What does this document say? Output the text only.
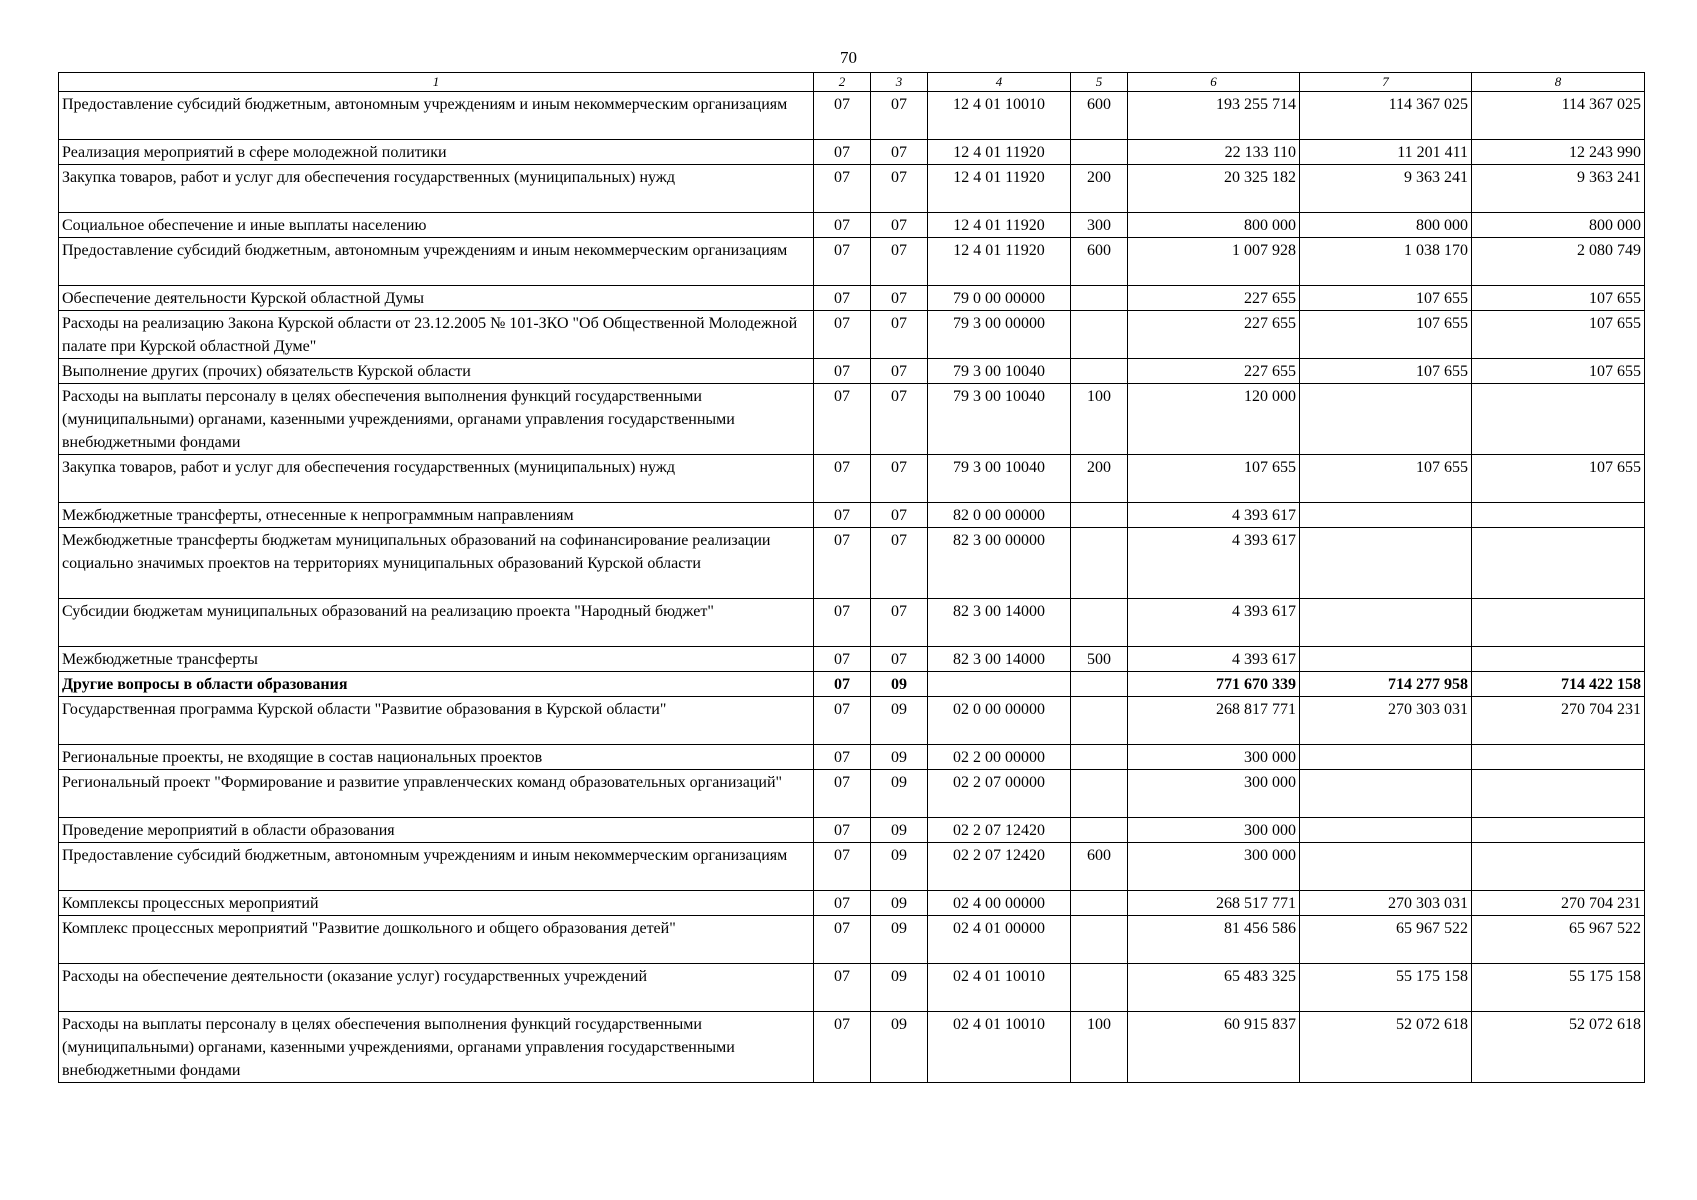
70
1	2	3	4	5	6	7	8
Предоставление субсидий бюджетным, автономным учреждениям и иным некоммерческим организациям	07	07	12 4 01 10010	600	193 255 714	114 367 025	114 367 025
Реализация мероприятий в сфере молодежной политики	07	07	12 4 01 11920		22 133 110	11 201 411	12 243 990
Закупка товаров, работ и услуг для обеспечения государственных (муниципальных) нужд	07	07	12 4 01 11920	200	20 325 182	9 363 241	9 363 241
Социальное обеспечение и иные выплаты населению	07	07	12 4 01 11920	300	800 000	800 000	800 000
Предоставление субсидий бюджетным, автономным учреждениям и иным некоммерческим организациям	07	07	12 4 01 11920	600	1 007 928	1 038 170	2 080 749
Обеспечение деятельности Курской областной Думы	07	07	79 0 00 00000		227 655	107 655	107 655
Расходы на реализацию Закона Курской области от 23.12.2005 № 101-ЗКО "Об Общественной Молодежной палате при Курской областной Думе"	07	07	79 3 00 00000		227 655	107 655	107 655
Выполнение других (прочих) обязательств Курской области	07	07	79 3 00 10040		227 655	107 655	107 655
Расходы на выплаты персоналу в целях обеспечения выполнения функций государственными (муниципальными) органами, казенными учреждениями, органами управления государственными внебюджетными фондами	07	07	79 3 00 10040	100	120 000		
Закупка товаров, работ и услуг для обеспечения государственных (муниципальных) нужд	07	07	79 3 00 10040	200	107 655	107 655	107 655
Межбюджетные трансферты, отнесенные к непрограммным направлениям	07	07	82 0 00 00000		4 393 617		
Межбюджетные трансферты бюджетам муниципальных образований на софинансирование реализации социально значимых проектов на территориях муниципальных образований Курской области	07	07	82 3 00 00000		4 393 617		
Субсидии бюджетам муниципальных образований на реализацию проекта "Народный бюджет"	07	07	82 3 00 14000		4 393 617		
Межбюджетные трансферты	07	07	82 3 00 14000	500	4 393 617		
Другие вопросы в области образования	07	09			771 670 339	714 277 958	714 422 158
Государственная программа Курской области "Развитие образования в Курской области"	07	09	02 0 00 00000		268 817 771	270 303 031	270 704 231
Региональные проекты, не входящие в состав национальных проектов	07	09	02 2 00 00000		300 000		
Региональный проект "Формирование и развитие управленческих команд образовательных организаций"	07	09	02 2 07 00000		300 000		
Проведение мероприятий в области образования	07	09	02 2 07 12420		300 000		
Предоставление субсидий бюджетным, автономным учреждениям и иным некоммерческим организациям	07	09	02 2 07 12420	600	300 000		
Комплексы процессных мероприятий	07	09	02 4 00 00000		268 517 771	270 303 031	270 704 231
Комплекс процессных мероприятий "Развитие дошкольного и общего образования детей"	07	09	02 4 01 00000		81 456 586	65 967 522	65 967 522
Расходы на обеспечение деятельности (оказание услуг) государственных учреждений	07	09	02 4 01 10010		65 483 325	55 175 158	55 175 158
Расходы на выплаты персоналу в целях обеспечения выполнения функций государственными (муниципальными) органами, казенными учреждениями, органами управления государственными внебюджетными фондами	07	09	02 4 01 10010	100	60 915 837	52 072 618	52 072 618
